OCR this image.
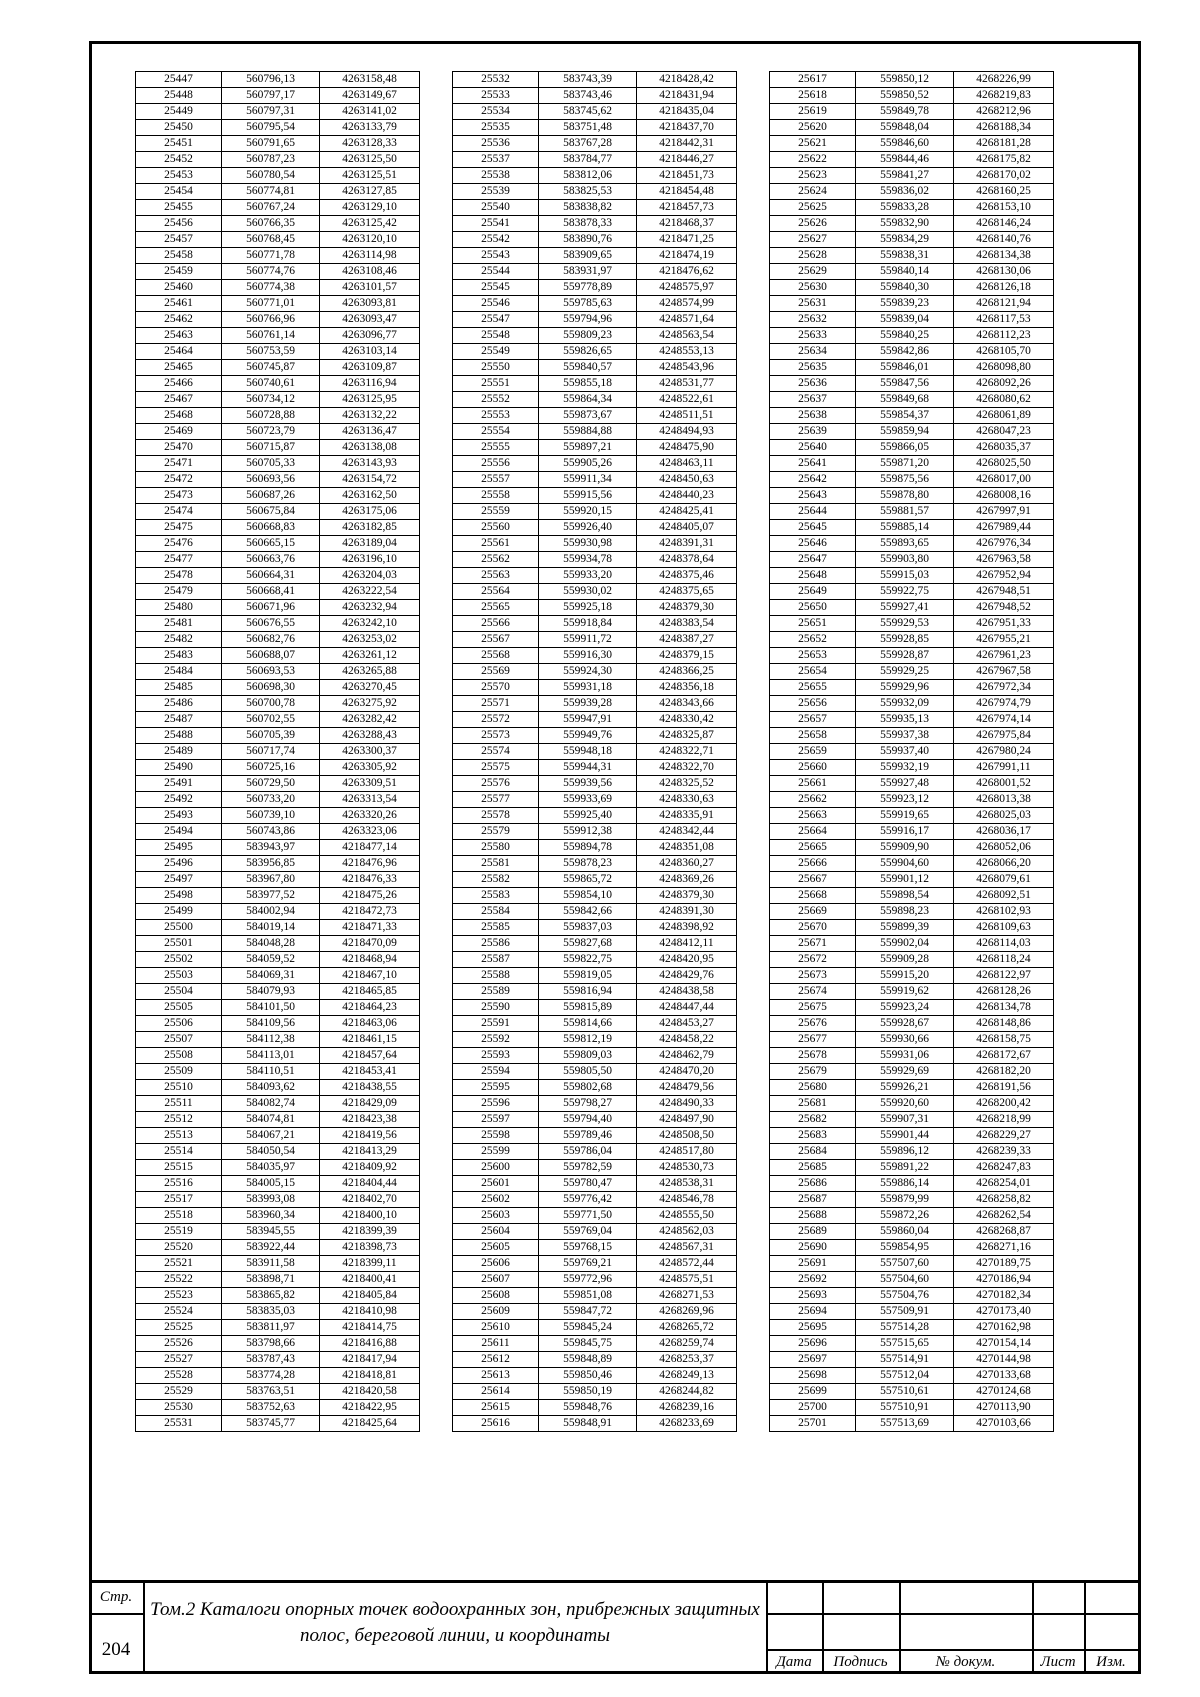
25447	560796,13	4263158,48
25448	560797,17	4263149,67
25449	560797,31	4263141,02
25450	560795,54	4263133,79
25451	560791,65	4263128,33
25452	560787,23	4263125,50
25453	560780,54	4263125,51
25454	560774,81	4263127,85
25455	560767,24	4263129,10
25456	560766,35	4263125,42
25457	560768,45	4263120,10
25458	560771,78	4263114,98
25459	560774,76	4263108,46
25460	560774,38	4263101,57
25461	560771,01	4263093,81
25462	560766,96	4263093,47
25463	560761,14	4263096,77
25464	560753,59	4263103,14
25465	560745,87	4263109,87
25466	560740,61	4263116,94
25467	560734,12	4263125,95
25468	560728,88	4263132,22
25469	560723,79	4263136,47
25470	560715,87	4263138,08
25471	560705,33	4263143,93
25472	560693,56	4263154,72
25473	560687,26	4263162,50
25474	560675,84	4263175,06
25475	560668,83	4263182,85
25476	560665,15	4263189,04
25477	560663,76	4263196,10
25478	560664,31	4263204,03
25479	560668,41	4263222,54
25480	560671,96	4263232,94
25481	560676,55	4263242,10
25482	560682,76	4263253,02
25483	560688,07	4263261,12
25484	560693,53	4263265,88
25485	560698,30	4263270,45
25486	560700,78	4263275,92
25487	560702,55	4263282,42
25488	560705,39	4263288,43
25489	560717,74	4263300,37
25490	560725,16	4263305,92
25491	560729,50	4263309,51
25492	560733,20	4263313,54
25493	560739,10	4263320,26
25494	560743,86	4263323,06
25495	583943,97	4218477,14
25496	583956,85	4218476,96
25497	583967,80	4218476,33
25498	583977,52	4218475,26
25499	584002,94	4218472,73
25500	584019,14	4218471,33
25501	584048,28	4218470,09
25502	584059,52	4218468,94
25503	584069,31	4218467,10
25504	584079,93	4218465,85
25505	584101,50	4218464,23
25506	584109,56	4218463,06
25507	584112,38	4218461,15
25508	584113,01	4218457,64
25509	584110,51	4218453,41
25510	584093,62	4218438,55
25511	584082,74	4218429,09
25512	584074,81	4218423,38
25513	584067,21	4218419,56
25514	584050,54	4218413,29
25515	584035,97	4218409,92
25516	584005,15	4218404,44
25517	583993,08	4218402,70
25518	583960,34	4218400,10
25519	583945,55	4218399,39
25520	583922,44	4218398,73
25521	583911,58	4218399,11
25522	583898,71	4218400,41
25523	583865,82	4218405,84
25524	583835,03	4218410,98
25525	583811,97	4218414,75
25526	583798,66	4218416,88
25527	583787,43	4218417,94
25528	583774,28	4218418,81
25529	583763,51	4218420,58
25530	583752,63	4218422,95
25531	583745,77	4218425,64
25532	583743,39	4218428,42
25533	583743,46	4218431,94
25534	583745,62	4218435,04
25535	583751,48	4218437,70
25536	583767,28	4218442,31
25537	583784,77	4218446,27
25538	583812,06	4218451,73
25539	583825,53	4218454,48
25540	583838,82	4218457,73
25541	583878,33	4218468,37
25542	583890,76	4218471,25
25543	583909,65	4218474,19
25544	583931,97	4218476,62
25545	559778,89	4248575,97
25546	559785,63	4248574,99
25547	559794,96	4248571,64
25548	559809,23	4248563,54
25549	559826,65	4248553,13
25550	559840,57	4248543,96
25551	559855,18	4248531,77
25552	559864,34	4248522,61
25553	559873,67	4248511,51
25554	559884,88	4248494,93
25555	559897,21	4248475,90
25556	559905,26	4248463,11
25557	559911,34	4248450,63
25558	559915,56	4248440,23
25559	559920,15	4248425,41
25560	559926,40	4248405,07
25561	559930,98	4248391,31
25562	559934,78	4248378,64
25563	559933,20	4248375,46
25564	559930,02	4248375,65
25565	559925,18	4248379,30
25566	559918,84	4248383,54
25567	559911,72	4248387,27
25568	559916,30	4248379,15
25569	559924,30	4248366,25
25570	559931,18	4248356,18
25571	559939,28	4248343,66
25572	559947,91	4248330,42
25573	559949,76	4248325,87
25574	559948,18	4248322,71
25575	559944,31	4248322,70
25576	559939,56	4248325,52
25577	559933,69	4248330,63
25578	559925,40	4248335,91
25579	559912,38	4248342,44
25580	559894,78	4248351,08
25581	559878,23	4248360,27
25582	559865,72	4248369,26
25583	559854,10	4248379,30
25584	559842,66	4248391,30
25585	559837,03	4248398,92
25586	559827,68	4248412,11
25587	559822,75	4248420,95
25588	559819,05	4248429,76
25589	559816,94	4248438,58
25590	559815,89	4248447,44
25591	559814,66	4248453,27
25592	559812,19	4248458,22
25593	559809,03	4248462,79
25594	559805,50	4248470,20
25595	559802,68	4248479,56
25596	559798,27	4248490,33
25597	559794,40	4248497,90
25598	559789,46	4248508,50
25599	559786,04	4248517,80
25600	559782,59	4248530,73
25601	559780,47	4248538,31
25602	559776,42	4248546,78
25603	559771,50	4248555,50
25604	559769,04	4248562,03
25605	559768,15	4248567,31
25606	559769,21	4248572,44
25607	559772,96	4248575,51
25608	559851,08	4268271,53
25609	559847,72	4268269,96
25610	559845,24	4268265,72
25611	559845,75	4268259,74
25612	559848,89	4268253,37
25613	559850,46	4268249,13
25614	559850,19	4268244,82
25615	559848,76	4268239,16
25616	559848,91	4268233,69
25617	559850,12	4268226,99
25618	559850,52	4268219,83
25619	559849,78	4268212,96
25620	559848,04	4268188,34
25621	559846,60	4268181,28
25622	559844,46	4268175,82
25623	559841,27	4268170,02
25624	559836,02	4268160,25
25625	559833,28	4268153,10
25626	559832,90	4268146,24
25627	559834,29	4268140,76
25628	559838,31	4268134,38
25629	559840,14	4268130,06
25630	559840,30	4268126,18
25631	559839,23	4268121,94
25632	559839,04	4268117,53
25633	559840,25	4268112,23
25634	559842,86	4268105,70
25635	559846,01	4268098,80
25636	559847,56	4268092,26
25637	559849,68	4268080,62
25638	559854,37	4268061,89
25639	559859,94	4268047,23
25640	559866,05	4268035,37
25641	559871,20	4268025,50
25642	559875,56	4268017,00
25643	559878,80	4268008,16
25644	559881,57	4267997,91
25645	559885,14	4267989,44
25646	559893,65	4267976,34
25647	559903,80	4267963,58
25648	559915,03	4267952,94
25649	559922,75	4267948,51
25650	559927,41	4267948,52
25651	559929,53	4267951,33
25652	559928,85	4267955,21
25653	559928,87	4267961,23
25654	559929,25	4267967,58
25655	559929,96	4267972,34
25656	559932,09	4267974,79
25657	559935,13	4267974,14
25658	559937,38	4267975,84
25659	559937,40	4267980,24
25660	559932,19	4267991,11
25661	559927,48	4268001,52
25662	559923,12	4268013,38
25663	559919,65	4268025,03
25664	559916,17	4268036,17
25665	559909,90	4268052,06
25666	559904,60	4268066,20
25667	559901,12	4268079,61
25668	559898,54	4268092,51
25669	559898,23	4268102,93
25670	559899,39	4268109,63
25671	559902,04	4268114,03
25672	559909,28	4268118,24
25673	559915,20	4268122,97
25674	559919,62	4268128,26
25675	559923,24	4268134,78
25676	559928,67	4268148,86
25677	559930,66	4268158,75
25678	559931,06	4268172,67
25679	559929,69	4268182,20
25680	559926,21	4268191,56
25681	559920,60	4268200,42
25682	559907,31	4268218,99
25683	559901,44	4268229,27
25684	559896,12	4268239,33
25685	559891,22	4268247,83
25686	559886,14	4268254,01
25687	559879,99	4268258,82
25688	559872,26	4268262,54
25689	559860,04	4268268,87
25690	559854,95	4268271,16
25691	557507,60	4270189,75
25692	557504,60	4270186,94
25693	557504,76	4270182,34
25694	557509,91	4270173,40
25695	557514,28	4270162,98
25696	557515,65	4270154,14
25697	557514,91	4270144,98
25698	557512,04	4270133,68
25699	557510,61	4270124,68
25700	557510,91	4270113,90
25701	557513,69	4270103,66
Стр.
204
Том.2 Каталоги опорных точек водоохранных зон, прибрежных защитных полос, береговой линии, и координаты
Дата	Подпись	№ докум.	Лист	Изм.
